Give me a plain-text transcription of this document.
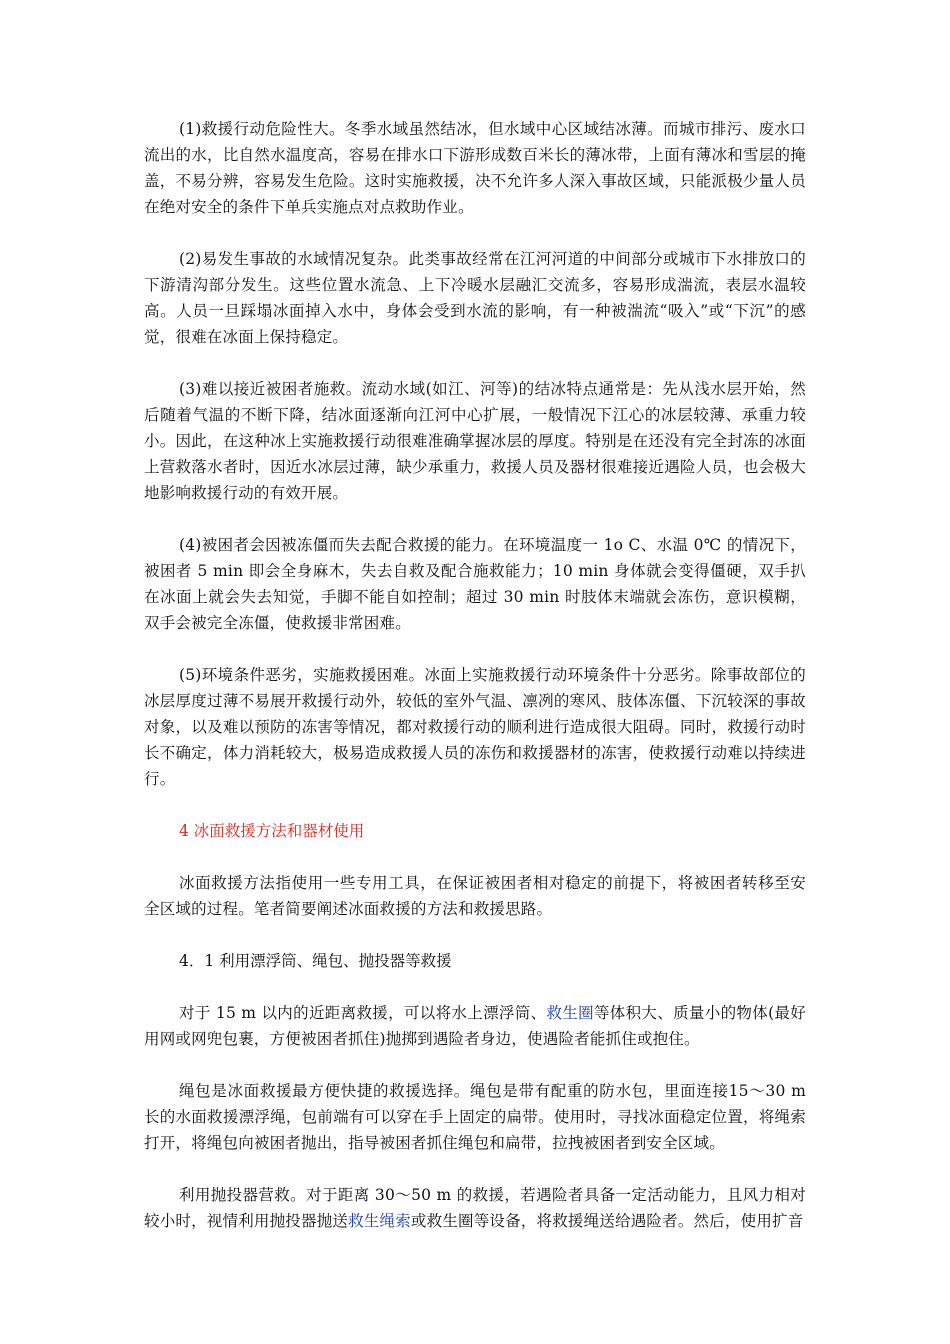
(1)救援行动危险性大。冬季水域虽然结冰，但水域中心区域结冰薄。而城市排污、废水口流出的水，比自然水温度高，容易在排水口下游形成数百米长的薄冰带，上面有薄冰和雪层的掩盖，不易分辨，容易发生危险。这时实施救援，决不允许多人深入事故区域，只能派极少量人员在绝对安全的条件下单兵实施点对点救助作业。

(2)易发生事故的水域情况复杂。此类事故经常在江河河道的中间部分或城市下水排放口的下游清沟部分发生。这些位置水流急、上下冷暖水层融汇交流多，容易形成湍流，表层水温较高。人员一旦踩塌冰面掉入水中，身体会受到水流的影响，有一种被湍流“吸入”或“下沉”的感觉，很难在冰面上保持稳定。

(3)难以接近被困者施救。流动水域(如江、河等)的结冰特点通常是：先从浅水层开始，然后随着气温的不断下降，结冰面逐渐向江河中心扩展，一般情况下江心的冰层较薄、承重力较小。因此，在这种冰上实施救援行动很难准确掌握冰层的厚度。特别是在还没有完全封冻的冰面上营救落水者时，因近水冰层过薄，缺少承重力，救援人员及器材很难接近遇险人员，也会极大地影响救援行动的有效开展。

(4)被困者会因被冻僵而失去配合救援的能力。在环境温度一 1o C、水温 0℃ 的情况下，被困者 5 min 即会全身麻木，失去自救及配合施救能力；10 min 身体就会变得僵硬，双手扒在冰面上就会失去知觉，手脚不能自如控制；超过 30 min 时肢体末端就会冻伤，意识模糊，双手会被完全冻僵，使救援非常困难。

(5)环境条件恶劣，实施救援困难。冰面上实施救援行动环境条件十分恶劣。除事故部位的冰层厚度过薄不易展开救援行动外，较低的室外气温、凛冽的寒风、肢体冻僵、下沉较深的事故对象，以及难以预防的冻害等情况，都对救援行动的顺利进行造成很大阻碍。同时，救援行动时长不确定，体力消耗较大，极易造成救援人员的冻伤和救援器材的冻害，使救援行动难以持续进行。

4 冰面救援方法和器材使用

冰面救援方法指使用一些专用工具，在保证被困者相对稳定的前提下，将被困者转移至安全区域的过程。笔者简要阐述冰面救援的方法和救援思路。

4．1 利用漂浮筒、绳包、抛投器等救援

对于 15 m 以内的近距离救援，可以将水上漂浮筒、救生圈等体积大、质量小的物体(最好用网或网兜包裹，方便被困者抓住)抛掷到遇险者身边，使遇险者能抓住或抱住。

绳包是冰面救援最方便快捷的救援选择。绳包是带有配重的防水包，里面连接15～30 m 长的水面救援漂浮绳，包前端有可以穿在手上固定的扁带。使用时，寻找冰面稳定位置，将绳索打开，将绳包向被困者抛出，指导被困者抓住绳包和扁带，拉拽被困者到安全区域。

利用抛投器营救。对于距离 30～50 m 的救援，若遇险者具备一定活动能力，且风力相对较小时，视情利用抛投器抛送救生绳索或救生圈等设备，将救援绳送给遇险者。然后，使用扩音
